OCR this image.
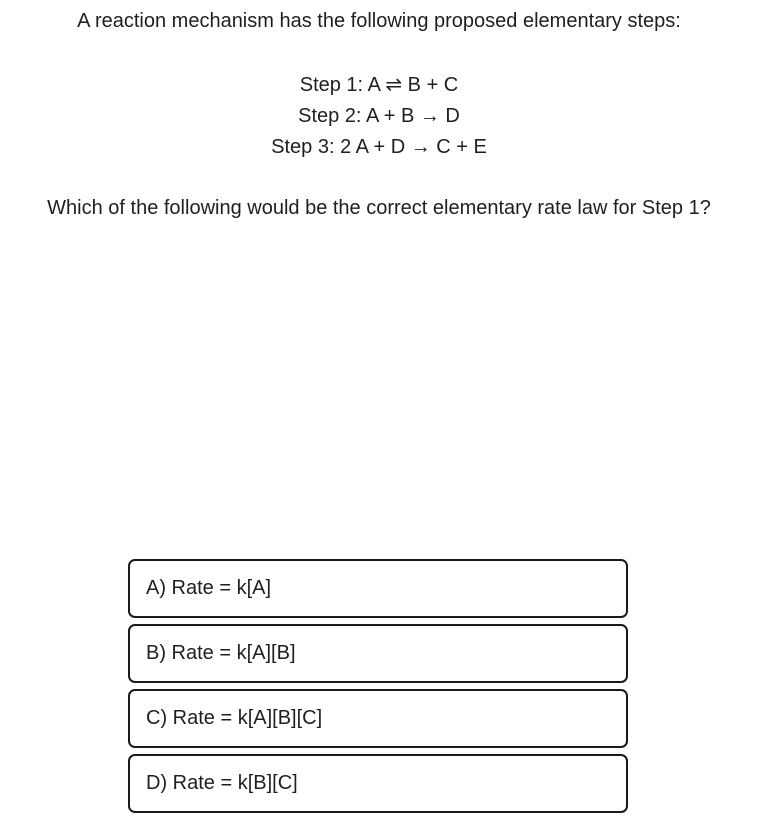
A reaction mechanism has the following proposed elementary steps:

Step 1: A ⇌ B + C
Step 2: A + B → D
Step 3: 2 A + D → C + E

Which of the following would be the correct elementary rate law for Step 1?

A) Rate = k[A]
B) Rate = k[A][B]
C) Rate = k[A][B][C]
D) Rate = k[B][C]
